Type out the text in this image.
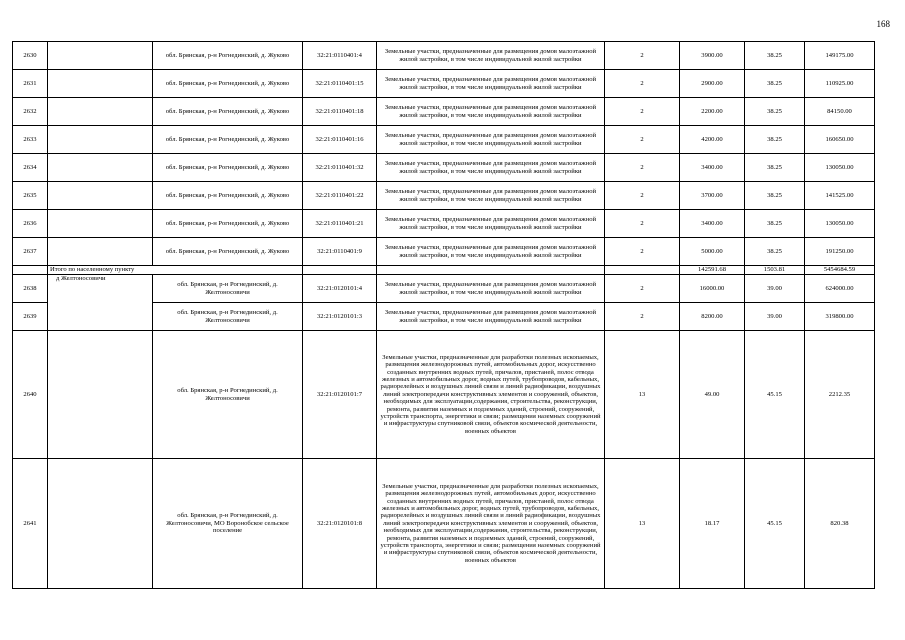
168
2630		обл. Брянская, р-н Рогнединский, д. Жуково	32:21:0110401:4	Земельные участки, предназначенные для размещения домов малоэтажной жилой застройки, в том числе индивидуальной жилой застройки	2	3900.00	38.25	149175.00
2631		обл. Брянская, р-н Рогнединский, д. Жуково	32:21:0110401:15	Земельные участки, предназначенные для размещения домов малоэтажной жилой застройки, в том числе индивидуальной жилой застройки	2	2900.00	38.25	110925.00
2632		обл. Брянская, р-н Рогнединский, д. Жуково	32:21:0110401:18	Земельные участки, предназначенные для размещения домов малоэтажной жилой застройки, в том числе индивидуальной жилой застройки	2	2200.00	38.25	84150.00
2633		обл. Брянская, р-н Рогнединский, д. Жуково	32:21:0110401:16	Земельные участки, предназначенные для размещения домов малоэтажной жилой застройки, в том числе индивидуальной жилой застройки	2	4200.00	38.25	160650.00
2634		обл. Брянская, р-н Рогнединский, д. Жуково	32:21:0110401:32	Земельные участки, предназначенные для размещения домов малоэтажной жилой застройки, в том числе индивидуальной жилой застройки	2	3400.00	38.25	130050.00
2635		обл. Брянская, р-н Рогнединский, д. Жуково	32:21:0110401:22	Земельные участки, предназначенные для размещения домов малоэтажной жилой застройки, в том числе индивидуальной жилой застройки	2	3700.00	38.25	141525.00
2636		обл. Брянская, р-н Рогнединский, д. Жуково	32:21:0110401:21	Земельные участки, предназначенные для размещения домов малоэтажной жилой застройки, в том числе индивидуальной жилой застройки	2	3400.00	38.25	130050.00
2637		обл. Брянская, р-н Рогнединский, д. Жуково	32:21:0110401:9	Земельные участки, предназначенные для размещения домов малоэтажной жилой застройки, в том числе индивидуальной жилой застройки	2	5000.00	38.25	191250.00
	Итого по населенному пункту					142591.68	1503.81	5454684.59
2638	д Желтоносовичи	обл. Брянская, р-н Рогнединский, д. Желтоносовичи	32:21:0120101:4	Земельные участки, предназначенные для размещения домов малоэтажной жилой застройки, в том числе индивидуальной жилой застройки	2	16000.00	39.00	624000.00
2639		обл. Брянская, р-н Рогнединский, д. Желтоносовичи	32:21:0120101:3	Земельные участки, предназначенные для размещения домов малоэтажной жилой застройки, в том числе индивидуальной жилой застройки	2	8200.00	39.00	319800.00
2640		обл. Брянская, р-н Рогнединский, д. Желтоносовичи	32:21:0120101:7	Земельные участки, предназначенные для разработки полезных ископаемых, размещения железнодорожных путей, автомобильных дорог, искусственно созданных внутренних водных путей, причалов, пристаней, полос отвода железных и автомобильных дорог, водных путей, трубопроводов, кабельных, радиорелейных и воздушных линий связи и линий радиофикации, воздушных линий электропередачи конструктивных элементов и сооружений, объектов, необходимых для эксплуатации,содержания, строительства, реконструкции, ремонта, развития наземных и подземных зданий, строений, сооружений, устройств транспорта, энергетики и связи; размещения наземных сооружений и инфраструктуры спутниковой связи, объектов космической деятельности, военных объектов	13	49.00	45.15	2212.35
2641		обл. Брянская, р-н Рогнединский, д. Желтоносовичи, МО Воронобское сельское поселение	32:21:0120101:8	Земельные участки, предназначенные для разработки полезных ископаемых, размещения железнодорожных путей, автомобильных дорог, искусственно созданных внутренних водных путей, причалов, пристаней, полос отвода железных и автомобильных дорог, водных путей, трубопроводов, кабельных, радиорелейных и воздушных линий связи и линий радиофикации, воздушных линий электропередачи конструктивных элементов и сооружений, объектов, необходимых для эксплуатации,содержания, строительства, реконструкции, ремонта, развития наземных и подземных зданий, строений, сооружений, устройств транспорта, энергетики и связи; размещения наземных сооружений и инфраструктуры спутниковой связи, объектов космической деятельности, военных объектов	13	18.17	45.15	820.38
